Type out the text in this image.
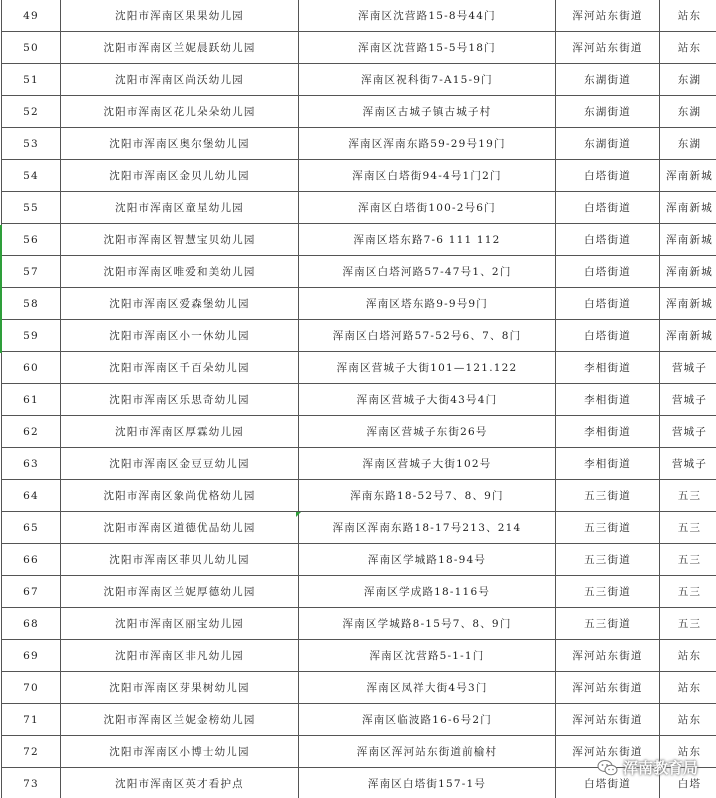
49	沈阳市浑南区果果幼儿园	浑南区沈营路15-8号44门	浑河站东街道	站东
50	沈阳市浑南区兰妮晨跃幼儿园	浑南区沈营路15-5号18门	浑河站东街道	站东
51	沈阳市浑南区尚沃幼儿园	浑南区祝科街7-A15-9门	东湖街道	东湖
52	沈阳市浑南区花儿朵朵幼儿园	浑南区古城子镇古城子村	东湖街道	东湖
53	沈阳市浑南区奥尔堡幼儿园	浑南区浑南东路59-29号19门	东湖街道	东湖
54	沈阳市浑南区金贝儿幼儿园	浑南区白塔街94-4号1门2门	白塔街道	浑南新城
55	沈阳市浑南区童星幼儿园	浑南区白塔街100-2号6门	白塔街道	浑南新城
56	沈阳市浑南区智慧宝贝幼儿园	浑南区塔东路7-6 111 112	白塔街道	浑南新城
57	沈阳市浑南区唯爱和美幼儿园	浑南区白塔河路57-47号1、2门	白塔街道	浑南新城
58	沈阳市浑南区爱森堡幼儿园	浑南区塔东路9-9号9门	白塔街道	浑南新城
59	沈阳市浑南区小一休幼儿园	浑南区白塔河路57-52号6、7、8门	白塔街道	浑南新城
60	沈阳市浑南区千百朵幼儿园	浑南区营城子大街101—121.122	李相街道	营城子
61	沈阳市浑南区乐思奇幼儿园	浑南区营城子大街43号4门	李相街道	营城子
62	沈阳市浑南区厚霖幼儿园	浑南区营城子东街26号	李相街道	营城子
63	沈阳市浑南区金豆豆幼儿园	浑南区营城子大街102号	李相街道	营城子
64	沈阳市浑南区象尚优格幼儿园	浑南东路18-52号7、8、9门	五三街道	五三
65	沈阳市浑南区道德优品幼儿园	浑南区浑南东路18-17号213、214	五三街道	五三
66	沈阳市浑南区菲贝儿幼儿园	浑南区学城路18-94号	五三街道	五三
67	沈阳市浑南区兰妮厚德幼儿园	浑南区学成路18-116号	五三街道	五三
68	沈阳市浑南区丽宝幼儿园	浑南区学城路8-15号7、8、9门	五三街道	五三
69	沈阳市浑南区非凡幼儿园	浑南区沈营路5-1-1门	浑河站东街道	站东
70	沈阳市浑南区芽果树幼儿园	浑南区凤祥大街4号3门	浑河站东街道	站东
71	沈阳市浑南区兰妮金榜幼儿园	浑南区临波路16-6号2门	浑河站东街道	站东
72	沈阳市浑南区小博士幼儿园	浑南区浑河站东街道前榆村	浑河站东街道	站东
73	沈阳市浑南区英才看护点	浑南区白塔街157-1号	白塔街道	白塔
浑南教育局
